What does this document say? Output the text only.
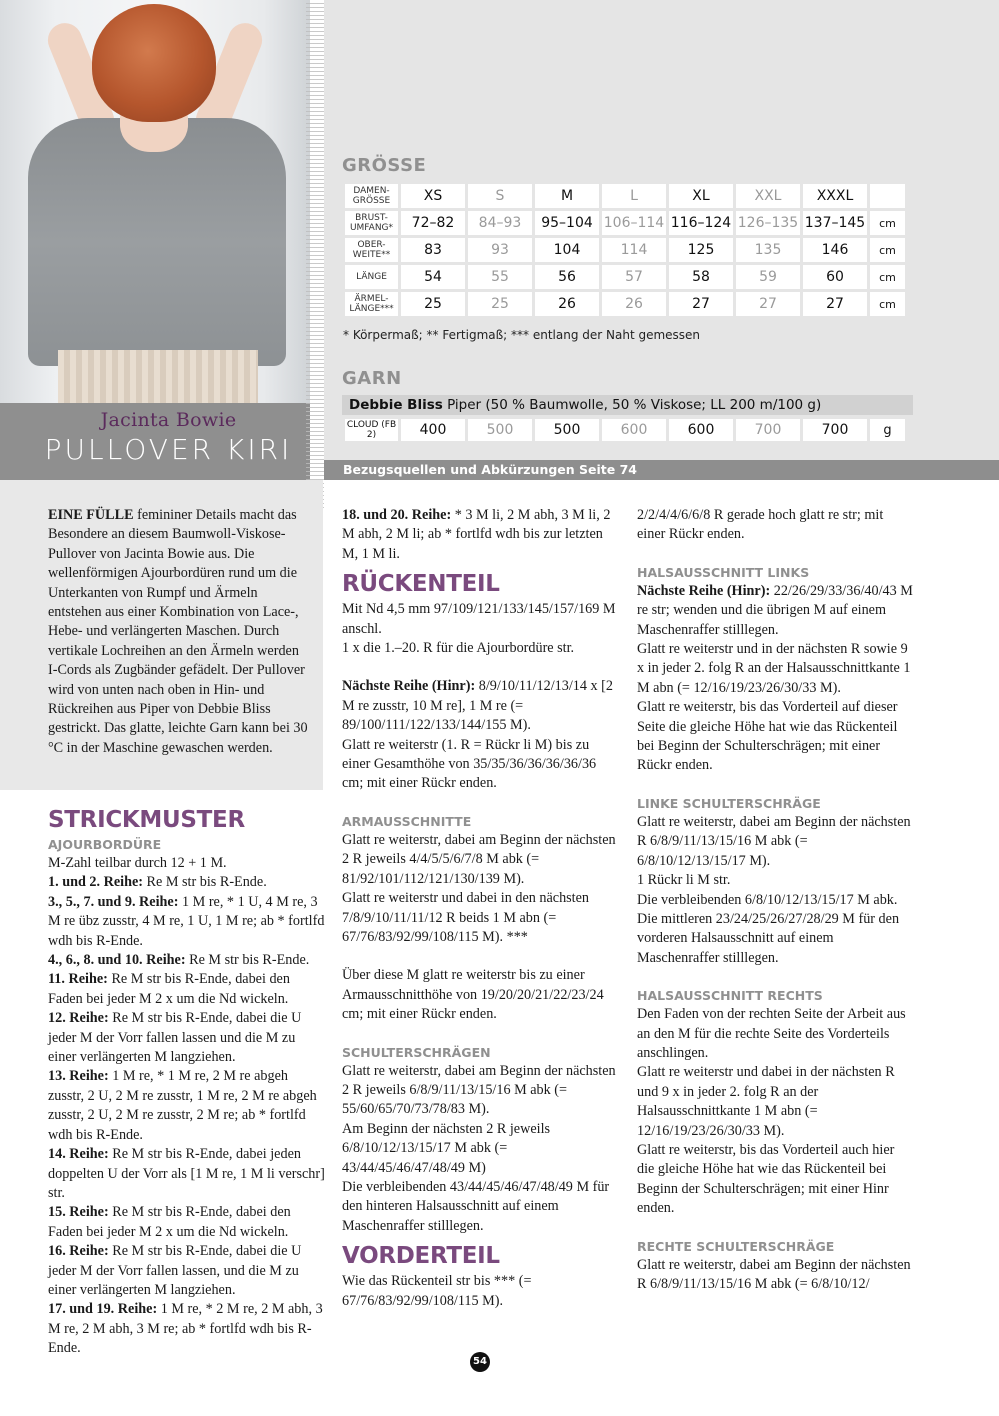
Jacinta Bowie
PULLOVER KIRI
GRÖSSE
DAMEN-GRÖSSE	XS	S	M	L	XL	XXL	XXXL	
BRUST-UMFANG*	72–82	84–93	95–104	106–114	116–124	126–135	137–145	cm
OBER-WEITE**	83	93	104	114	125	135	146	cm
LÄNGE	54	55	56	57	58	59	60	cm
ÄRMEL-LÄNGE***	25	25	26	26	27	27	27	cm
* Körpermaß; ** Fertigmaß; *** entlang der Naht gemessen
GARN
Debbie Bliss Piper (50 % Baumwolle, 50 % Viskose; LL 200 m/100 g)
CLOUD (FB 2)	400	500	500	600	600	700	700	g
Bezugsquellen und Abkürzungen Seite 74

EINE FÜLLE femininer Details macht das Besondere an diesem Baumwoll-Viskose-Pullover von Jacinta Bowie aus. Die wellenförmigen Ajourbordüren rund um die Unterkanten von Rumpf und Ärmeln entstehen aus einer Kombination von Lace-, Hebe- und verlängerten Maschen. Durch vertikale Lochreihen an den Ärmeln werden I-Cords als Zugbänder gefädelt. Der Pullover wird von unten nach oben in Hin- und Rückreihen aus Piper von Debbie Bliss gestrickt. Das glatte, leichte Garn kann bei 30 °C in der Maschine gewaschen werden.

STRICKMUSTER

AJOURBORDÜRE

M-Zahl teilbar durch 12 + 1 M.

1. und 2. Reihe: Re M str bis R-Ende.

3., 5., 7. und 9. Reihe: 1 M re, * 1 U, 4 M re, 3 M re übz zusstr, 4 M re, 1 U, 1 M re; ab * fortlfd wdh bis R-Ende.

4., 6., 8. und 10. Reihe: Re M str bis R-Ende.

11. Reihe: Re M str bis R-Ende, dabei den Faden bei jeder M 2 x um die Nd wickeln.

12. Reihe: Re M str bis R-Ende, dabei die U jeder M der Vorr fallen lassen und die M zu einer verlängerten M langziehen.

13. Reihe: 1 M re, * 1 M re, 2 M re abgeh zusstr, 2 U, 2 M re zusstr, 1 M re, 2 M re abgeh zusstr, 2 U, 2 M re zusstr, 2 M re; ab * fortlfd wdh bis R-Ende.

14. Reihe: Re M str bis R-Ende, dabei jeden doppelten U der Vorr als [1 M re, 1 M li verschr] str.

15. Reihe: Re M str bis R-Ende, dabei den Faden bei jeder M 2 x um die Nd wickeln.

16. Reihe: Re M str bis R-Ende, dabei die U jeder M der Vorr fallen lassen, und die M zu einer verlängerten M langziehen.

17. und 19. Reihe: 1 M re, * 2 M re, 2 M abh, 3 M re, 2 M abh, 3 M re; ab * fortlfd wdh bis R-Ende.

18. und 20. Reihe: * 3 M li, 2 M abh, 3 M li, 2 M abh, 2 M li; ab * fortlfd wdh bis zur letzten M, 1 M li.

RÜCKENTEIL

Mit Nd 4,5 mm 97/109/121/133/145/157/169 M anschl.

1 x die 1.–20. R für die Ajourbordüre str.

Nächste Reihe (Hinr): 8/9/10/11/12/13/14 x [2 M re zusstr, 10 M re], 1 M re (= 89/100/111/122/133/144/155 M).

Glatt re weiterstr (1. R = Rückr li M) bis zu einer Gesamthöhe von 35/35/36/36/36/36/36 cm; mit einer Rückr enden.

ARMAUSSCHNITTE

Glatt re weiterstr, dabei am Beginn der nächsten 2 R jeweils 4/4/5/5/6/7/8 M abk (= 81/92/101/112/121/130/139 M).

Glatt re weiterstr und dabei in den nächsten 7/8/9/10/11/11/12 R beids 1 M abn (= 67/76/83/92/99/108/115 M). ***

Über diese M glatt re weiterstr bis zu einer Armausschnitthöhe von 19/20/20/21/22/23/24 cm; mit einer Rückr enden.

SCHULTERSCHRÄGEN

Glatt re weiterstr, dabei am Beginn der nächsten 2 R jeweils 6/8/9/11/13/15/16 M abk (= 55/60/65/70/73/78/83 M).

Am Beginn der nächsten 2 R jeweils 6/8/10/12/13/15/17 M abk (= 43/44/45/46/47/48/49 M)

Die verbleibenden 43/44/45/46/47/48/49 M für den hinteren Halsausschnitt auf einem Maschenraffer stilllegen.

VORDERTEIL

Wie das Rückenteil str bis *** (= 67/76/83/92/99/108/115 M).

2/2/4/4/6/6/8 R gerade hoch glatt re str; mit einer Rückr enden.

HALSAUSSCHNITT LINKS

Nächste Reihe (Hinr): 22/26/29/33/36/40/43 M re str; wenden und die übrigen M auf einem Maschenraffer stilllegen.

Glatt re weiterstr und in der nächsten R sowie 9 x in jeder 2. folg R an der Halsausschnittkante 1 M abn (= 12/16/19/23/26/30/33 M).

Glatt re weiterstr, bis das Vorderteil auf dieser Seite die gleiche Höhe hat wie das Rückenteil bei Beginn der Schulterschrägen; mit einer Rückr enden.

LINKE SCHULTERSCHRÄGE

Glatt re weiterstr, dabei am Beginn der nächsten R 6/8/9/11/13/15/16 M abk (= 6/8/10/12/13/15/17 M).

1 Rückr li M str.

Die verbleibenden 6/8/10/12/13/15/17 M abk.

Die mittleren 23/24/25/26/27/28/29 M für den vorderen Halsausschnitt auf einem Maschenraffer stilllegen.

HALSAUSSCHNITT RECHTS

Den Faden von der rechten Seite der Arbeit aus an den M für die rechte Seite des Vorderteils anschlingen.

Glatt re weiterstr und dabei in der nächsten R und 9 x in jeder 2. folg R an der Halsausschnittkante 1 M abn (= 12/16/19/23/26/30/33 M).

Glatt re weiterstr, bis das Vorderteil auch hier die gleiche Höhe hat wie das Rückenteil bei Beginn der Schulterschrägen; mit einer Hinr enden.

RECHTE SCHULTERSCHRÄGE

Glatt re weiterstr, dabei am Beginn der nächsten R 6/8/9/11/13/15/16 M abk (= 6/8/10/12/

54
